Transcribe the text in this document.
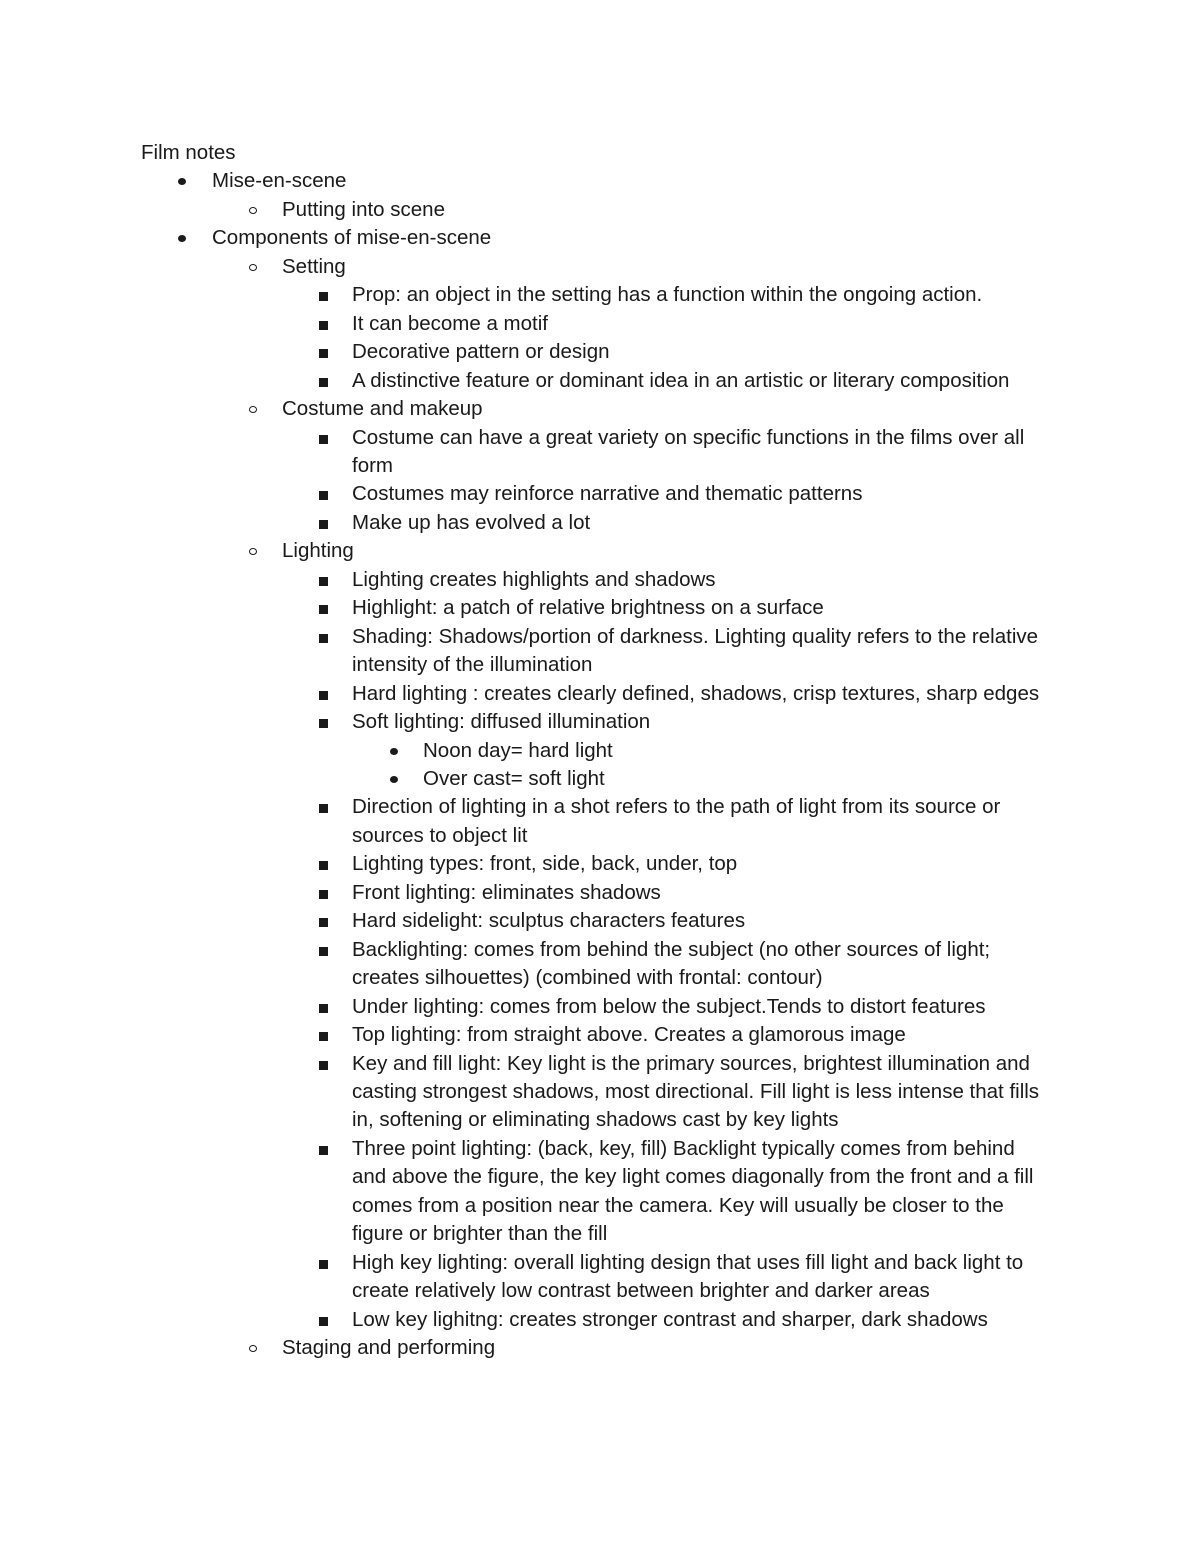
Film notes

Mise-en-scene
Putting into scene
Components of mise-en-scene
Setting
Prop: an object in the setting has a function within the ongoing action.
It can become a motif
Decorative pattern or design
A distinctive feature or dominant idea in an artistic or literary composition
Costume and makeup
Costume can have a great variety on specific functions in the films over all form
Costumes may reinforce narrative and thematic patterns
Make up has evolved a lot
Lighting
Lighting creates highlights and shadows
Highlight: a patch of relative brightness on a surface
Shading: Shadows/portion of darkness. Lighting quality refers to the relative intensity of the illumination
Hard lighting : creates clearly defined, shadows, crisp textures, sharp edges
Soft lighting: diffused illumination
Noon day= hard light
Over cast= soft light
Direction of lighting in a shot refers to the path of light from its source or sources to object lit
Lighting types: front, side, back, under, top
Front lighting: eliminates shadows
Hard sidelight: sculptus characters features
Backlighting: comes from behind the subject (no other sources of light; creates silhouettes) (combined with frontal: contour)
Under lighting: comes from below the subject.Tends to distort features
Top lighting: from straight above. Creates a glamorous image
Key and fill light: Key light is the primary sources, brightest illumination and casting strongest shadows, most directional. Fill light is less intense that fills in, softening or eliminating shadows cast by key lights
Three point lighting: (back, key, fill) Backlight typically comes from behind and above the figure, the key light comes diagonally from the front and a fill comes from a position near the camera. Key will usually be closer to the figure or brighter than the fill
High key lighting: overall lighting design that uses fill light and back light to create relatively low contrast between brighter and darker areas
Low key lighitng: creates stronger contrast and sharper, dark shadows
Staging and performing
